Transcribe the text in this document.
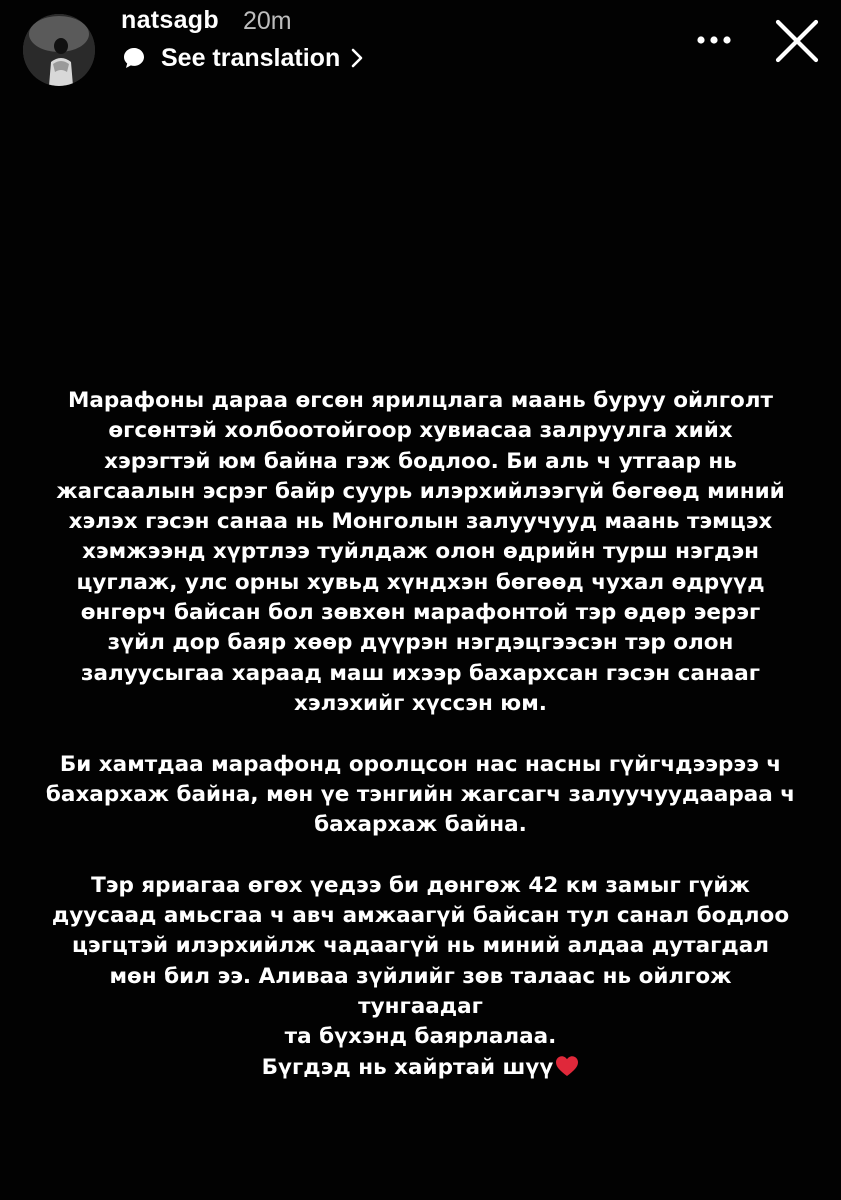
natsagb 20m
See translation
Марафоны дараа өгсөн ярилцлага маань буруу ойлголт
өгсөнтэй холбоотойгоор хувиасаа залруулга хийх
хэрэгтэй юм байна гэж бодлоо. Би аль ч утгаар нь
жагсаалын эсрэг байр суурь илэрхийлээгүй бөгөөд миний
хэлэх гэсэн санаа нь Монголын залуучууд маань тэмцэх
хэмжээнд хүртлээ туйлдаж олон өдрийн турш нэгдэн
цуглаж, улс орны хувьд хүндхэн бөгөөд чухал өдрүүд
өнгөрч байсан бол зөвхөн марафонтой тэр өдөр эерэг
зүйл дор баяр хөөр дүүрэн нэгдэцгээсэн тэр олон
залуусыгаа хараад маш ихээр бахархсан гэсэн санааг
хэлэхийг хүссэн юм.
Би хамтдаа марафонд оролцсон нас насны гүйгчдээрээ ч
бахархаж байна, мөн үе тэнгийн жагсагч залуучуудаараа ч
бахархаж байна.
Тэр яриагаа өгөх үедээ би дөнгөж 42 км замыг гүйж
дуусаад амьсгаа ч авч амжаагүй байсан тул санал бодлоо
цэгцтэй илэрхийлж чадаагүй нь миний алдаа дутагдал
мөн бил ээ. Аливаа зүйлийг зөв талаас нь ойлгож
тунгаадаг
та бүхэнд баярлалаа.
Бүгдэд нь хайртай шүү
